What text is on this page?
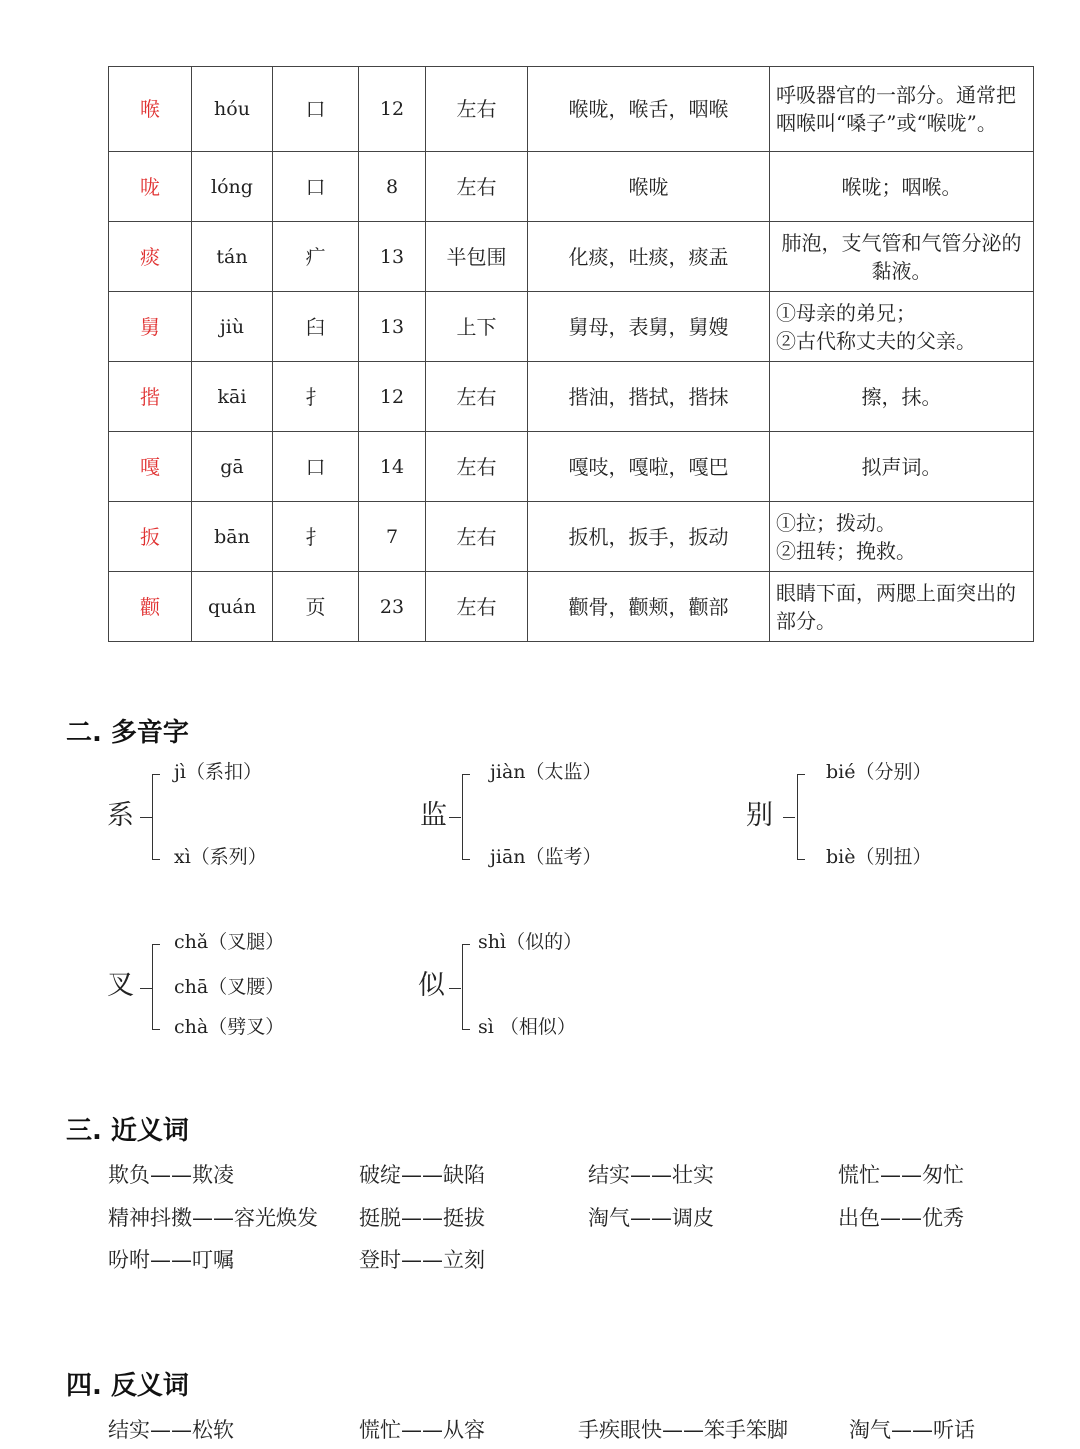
喉	hóu	口	12	左右	喉咙，喉舌，咽喉	呼吸器官的一部分。通常把咽喉叫“嗓子”或“喉咙”。
咙	lóng	口	8	左右	喉咙	喉咙；咽喉。
痰	tán	疒	13	半包围	化痰，吐痰，痰盂	肺泡，支气管和气管分泌的黏液。
舅	jiù	臼	13	上下	舅母，表舅，舅嫂	①母亲的弟兄；
②古代称丈夫的父亲。
揩	kāi	扌	12	左右	揩油，揩拭，揩抹	擦，抹。
嘎	gā	口	14	左右	嘎吱，嘎啦，嘎巴	拟声词。
扳	bān	扌	7	左右	扳机，扳手，扳动	①拉；拨动。
②扭转；挽救。
颧	quán	页	23	左右	颧骨，颧颊，颧部	眼睛下面，两腮上面突出的部分。
二. 多音字
系
jì（系扣）
xì（系列）
监
jiàn（太监）
jiān（监考）
别
bié（分别）
biè（别扭）
叉
chǎ（叉腿）
chā（叉腰）
chà（劈叉）
似
shì（似的）
sì （相似）
三. 近义词
欺负——欺凌	破绽——缺陷	结实——壮实	慌忙——匆忙
精神抖擞——容光焕发 挺脱——挺拔	淘气——调皮	出色——优秀
吩咐——叮嘱	登时——立刻
四. 反义词
结实——松软	慌忙——从容	手疾眼快——笨手笨脚	淘气——听话
